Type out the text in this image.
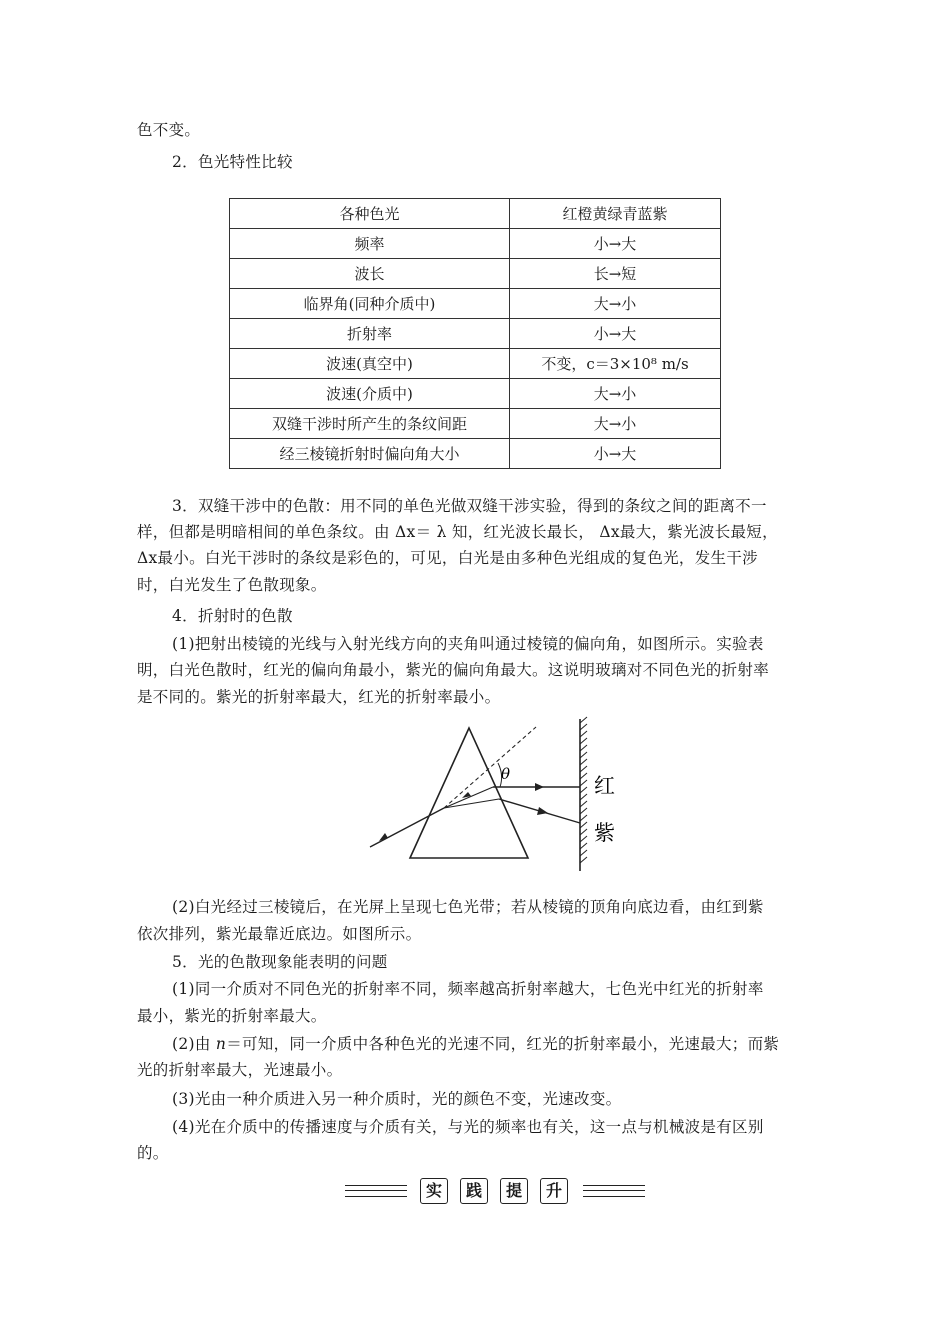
色不变。
2．色光特性比较
各种色光	红橙黄绿青蓝紫
频率	小→大
波长	长→短
临界角(同种介质中)	大→小
折射率	小→大
波速(真空中)	不变，c＝3×10⁸ m/s
波速(介质中)	大→小
双缝干涉时所产生的条纹间距	大→小
经三棱镜折射时偏向角大小	小→大
3．双缝干涉中的色散：用不同的单色光做双缝干涉实验，得到的条纹之间的距离不一
样，但都是明暗相间的单色条纹。由 Δx＝ λ 知，红光波长最长， Δx最大，紫光波长最短，
Δx最小。白光干涉时的条纹是彩色的，可见，白光是由多种色光组成的复色光，发生干涉
时，白光发生了色散现象。
4．折射时的色散
(1)把射出棱镜的光线与入射光线方向的夹角叫通过棱镜的偏向角，如图所示。实验表
明，白光色散时，红光的偏向角最小，紫光的偏向角最大。这说明玻璃对不同色光的折射率
是不同的。紫光的折射率最大，红光的折射率最小。
θ	红
紫
(2)白光经过三棱镜后，在光屏上呈现七色光带；若从棱镜的顶角向底边看，由红到紫
依次排列，紫光最靠近底边。如图所示。
5．光的色散现象能表明的问题
(1)同一介质对不同色光的折射率不同，频率越高折射率越大，七色光中红光的折射率
最小，紫光的折射率最大。
(2)由 n＝可知，同一介质中各种色光的光速不同，红光的折射率最小，光速最大；而紫
光的折射率最大，光速最小。
(3)光由一种介质进入另一种介质时，光的颜色不变，光速改变。
(4)光在介质中的传播速度与介质有关，与光的频率也有关，这一点与机械波是有区别
的。
实	践	提	升
